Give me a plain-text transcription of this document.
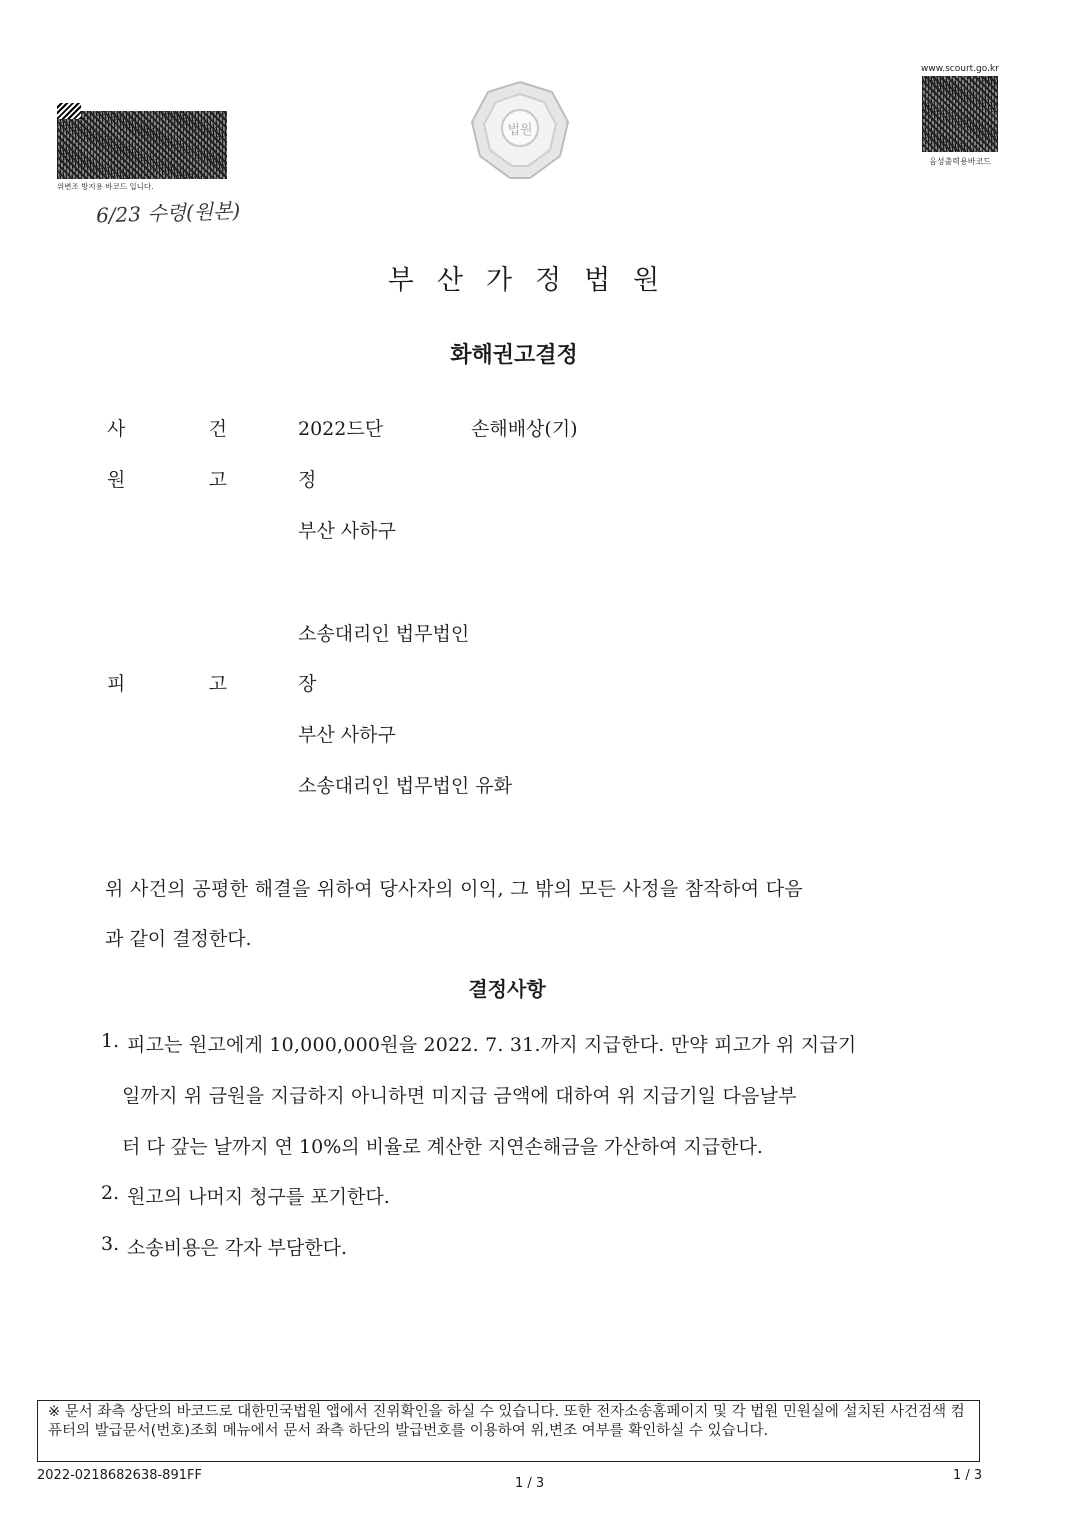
위변조 방지용 바코드 입니다.
6/23 수령(원본)
법원
www.scourt.go.kr
음성출력용바코드
부산가정법원
화해권고결정
사	건	2022드단	손해배상(기)
원	고	정
부산 사하구
소송대리인 법무법인
피	고	장
부산 사하구
소송대리인 법무법인 유화
위 사건의 공평한 해결을 위하여 당사자의 이익, 그 밖의 모든 사정을 참작하여 다음
과 같이 결정한다.
결정사항
1. 피고는 원고에게 10,000,000원을 2022. 7. 31.까지 지급한다. 만약 피고가 위 지급기
일까지 위 금원을 지급하지 아니하면 미지급 금액에 대하여 위 지급기일 다음날부
터 다 갚는 날까지 연 10%의 비율로 계산한 지연손해금을 가산하여 지급한다.
2. 원고의 나머지 청구를 포기한다.
3. 소송비용은 각자 부담한다.
※ 문서 좌측 상단의 바코드로 대한민국법원 앱에서 진위확인을 하실 수 있습니다. 또한 전자소송홈페이지 및 각 법원 민원실에 설치된 사건검색 컴퓨터의 발급문서(번호)조회 메뉴에서 문서 좌측 하단의 발급번호를 이용하여 위,변조 여부를 확인하실 수 있습니다.
2022-0218682638-891FF
1 / 3
1 / 3
